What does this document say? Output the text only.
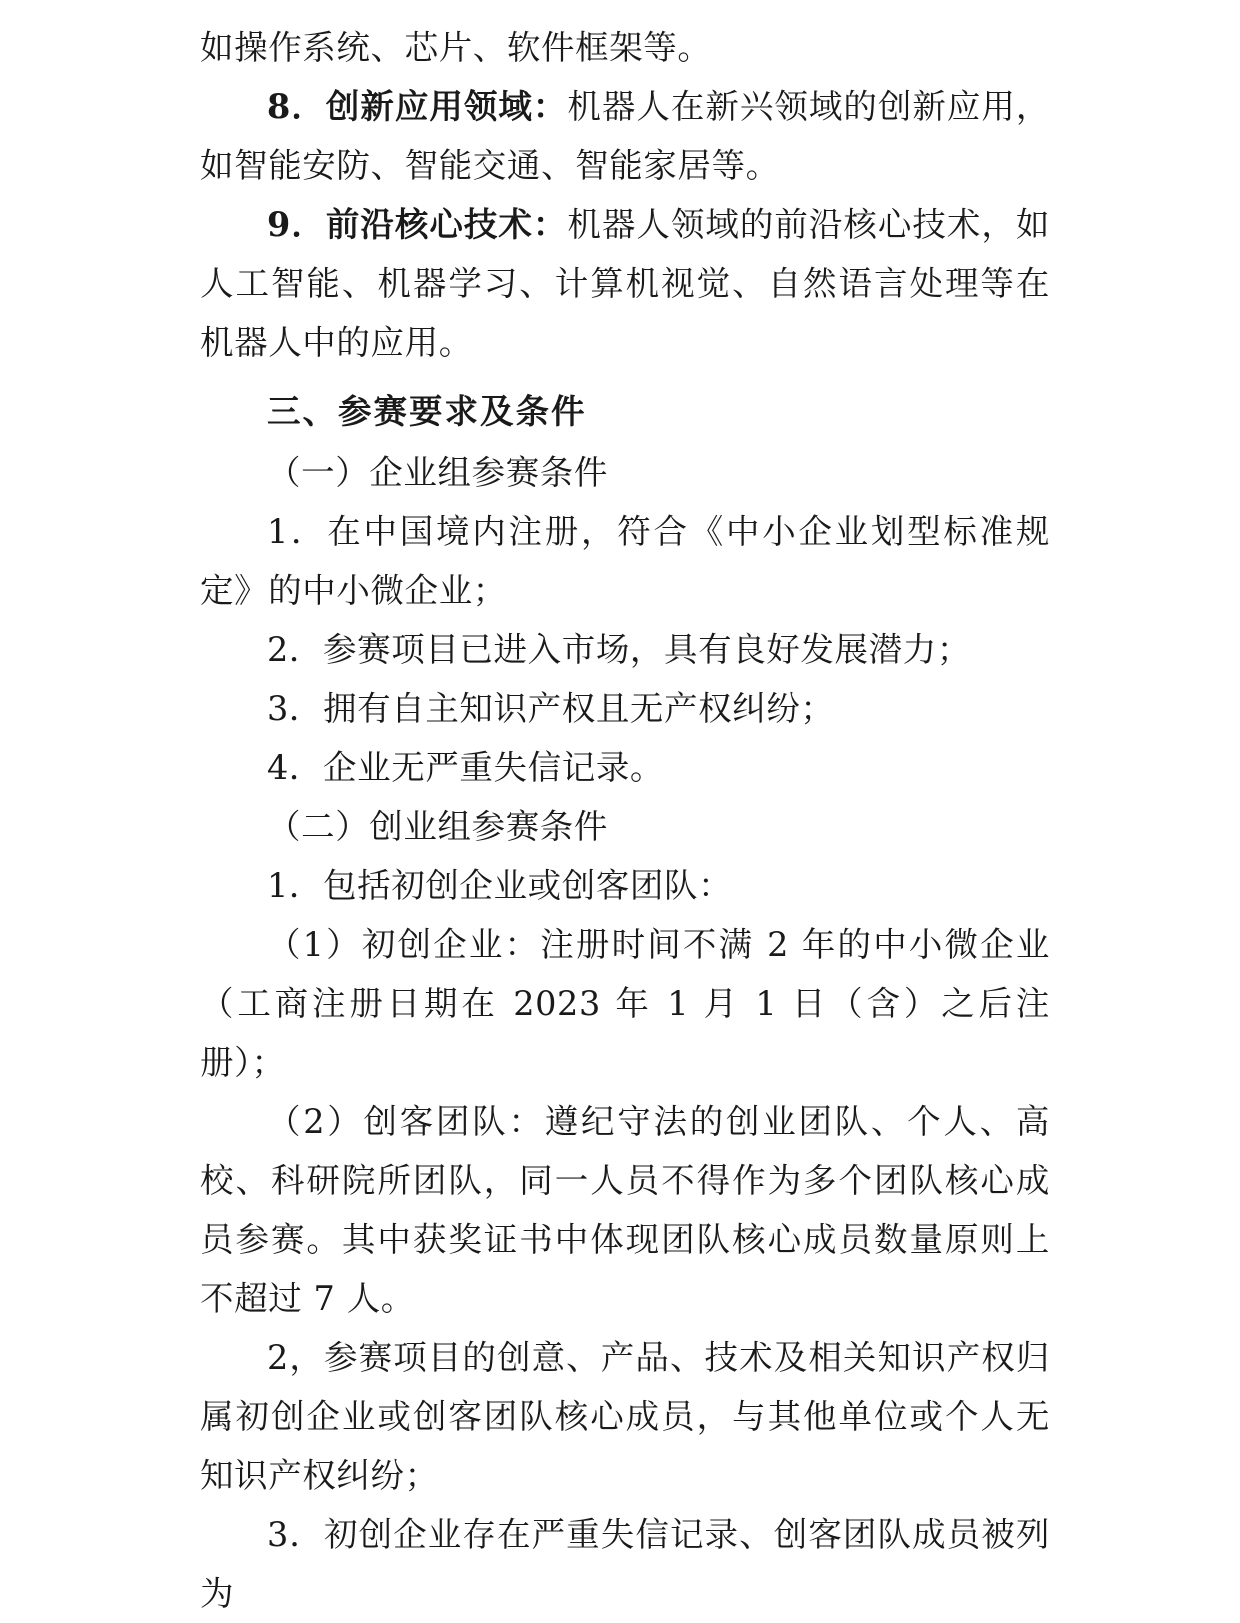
如操作系统、芯片、软件框架等。

8．创新应用领域：机器人在新兴领域的创新应用，如智能安防、智能交通、智能家居等。

9．前沿核心技术：机器人领域的前沿核心技术，如人工智能、机器学习、计算机视觉、自然语言处理等在机器人中的应用。

三、参赛要求及条件

（一）企业组参赛条件

1．在中国境内注册，符合《中小企业划型标准规定》的中小微企业；

2．参赛项目已进入市场，具有良好发展潜力；

3．拥有自主知识产权且无产权纠纷；

4．企业无严重失信记录。

（二）创业组参赛条件

1．包括初创企业或创客团队：

（1）初创企业：注册时间不满 2 年的中小微企业（工商注册日期在 2023 年 1 月 1 日（含）之后注册）；

（2）创客团队：遵纪守法的创业团队、个人、高校、科研院所团队，同一人员不得作为多个团队核心成员参赛。其中获奖证书中体现团队核心成员数量原则上不超过 7 人。

2，参赛项目的创意、产品、技术及相关知识产权归属初创企业或创客团队核心成员，与其他单位或个人无知识产权纠纷；

3．初创企业存在严重失信记录、创客团队成员被列为
